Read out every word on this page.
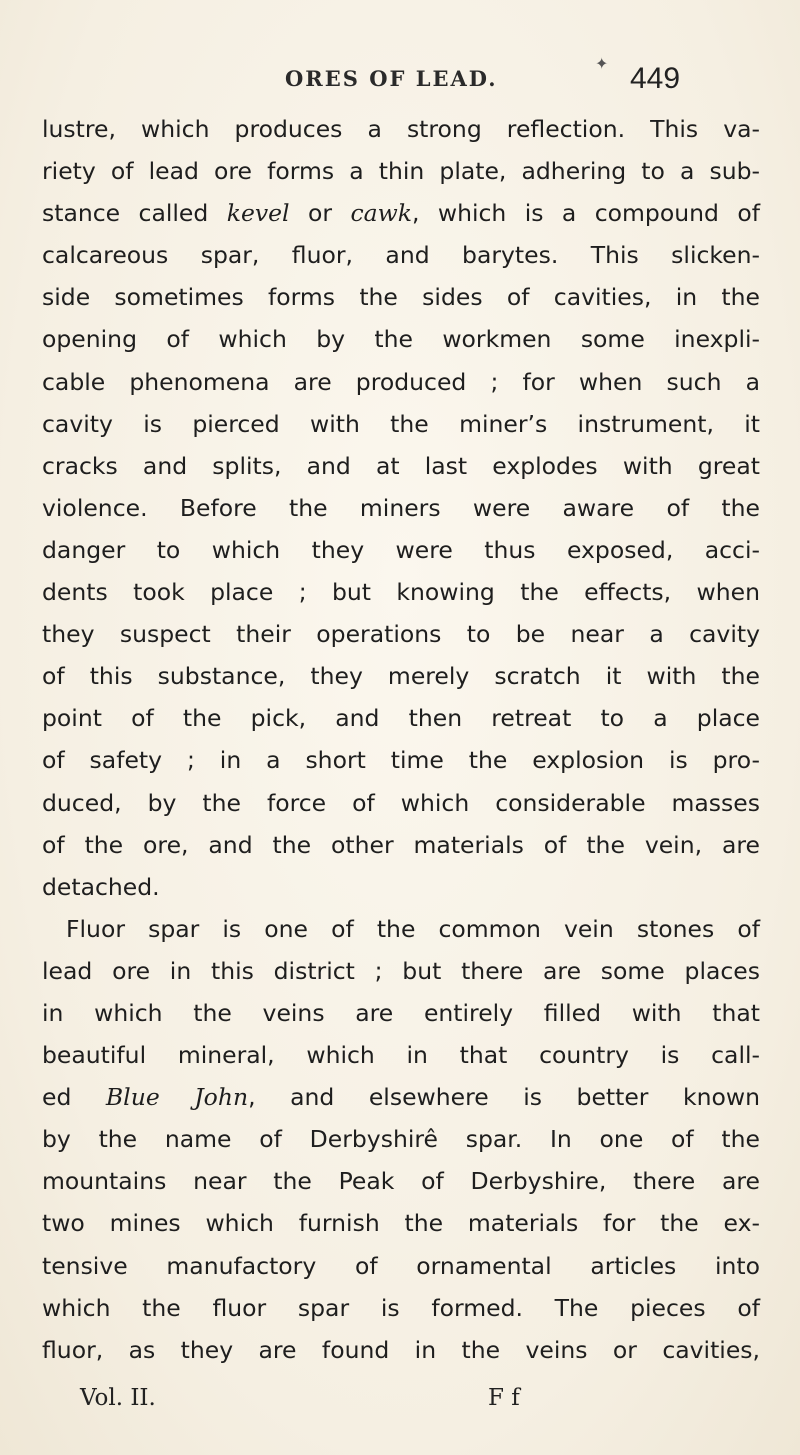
ORES OF LEAD.
✦ 449
lustre, which produces a strong reflection. This va-
riety of lead ore forms a thin plate, adhering to a sub-
stance called kevel or cawk, which is a compound of
calcareous spar, fluor, and barytes. This slicken-
side sometimes forms the sides of cavities, in the
opening of which by the workmen some inexpli-
cable phenomena are produced ; for when such a
cavity is pierced with the miner’s instrument, it
cracks and splits, and at last explodes with great
violence. Before the miners were aware of the
danger to which they were thus exposed, acci-
dents took place ; but knowing the effects, when
they suspect their operations to be near a cavity
of this substance, they merely scratch it with the
point of the pick, and then retreat to a place
of safety ; in a short time the explosion is pro-
duced, by the force of which considerable masses
of the ore, and the other materials of the vein, are
detached.
Fluor spar is one of the common vein stones of
lead ore in this district ; but there are some places
in which the veins are entirely filled with that
beautiful mineral, which in that country is call-
ed Blue John, and elsewhere is better known
by the name of Derbyshirê spar. In one of the
mountains near the Peak of Derbyshire, there are
two mines which furnish the materials for the ex-
tensive manufactory of ornamental articles into
which the fluor spar is formed. The pieces of
fluor, as they are found in the veins or cavities,
Vol. II.	F f
